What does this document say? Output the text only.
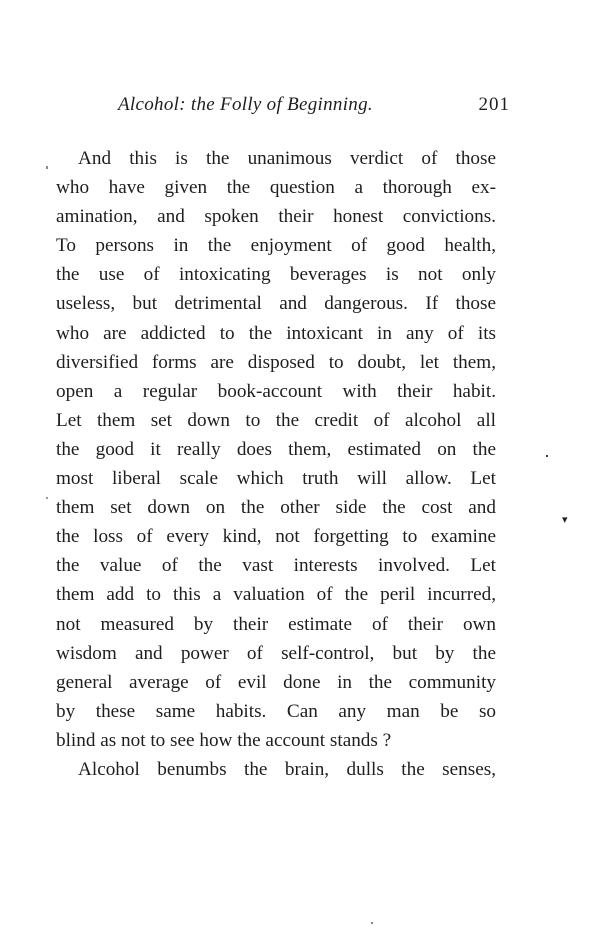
Alcohol: the Folly of Beginning.	201
And this is the unanimous verdict of those
who have given the question a thorough ex-
amination, and spoken their honest convictions.
To persons in the enjoyment of good health,
the use of intoxicating beverages is not only
useless, but detrimental and dangerous. If those
who are addicted to the intoxicant in any of its
diversified forms are disposed to doubt, let them,
open a regular book-account with their habit.
Let them set down to the credit of alcohol all
the good it really does them, estimated on the
most liberal scale which truth will allow. Let
them set down on the other side the cost and
the loss of every kind, not forgetting to examine
the value of the vast interests involved. Let
them add to this a valuation of the peril incurred,
not measured by their estimate of their own
wisdom and power of self-control, but by the
general average of evil done in the community
by these same habits. Can any man be so
blind as not to see how the account stands ?
Alcohol benumbs the brain, dulls the senses,
▾
